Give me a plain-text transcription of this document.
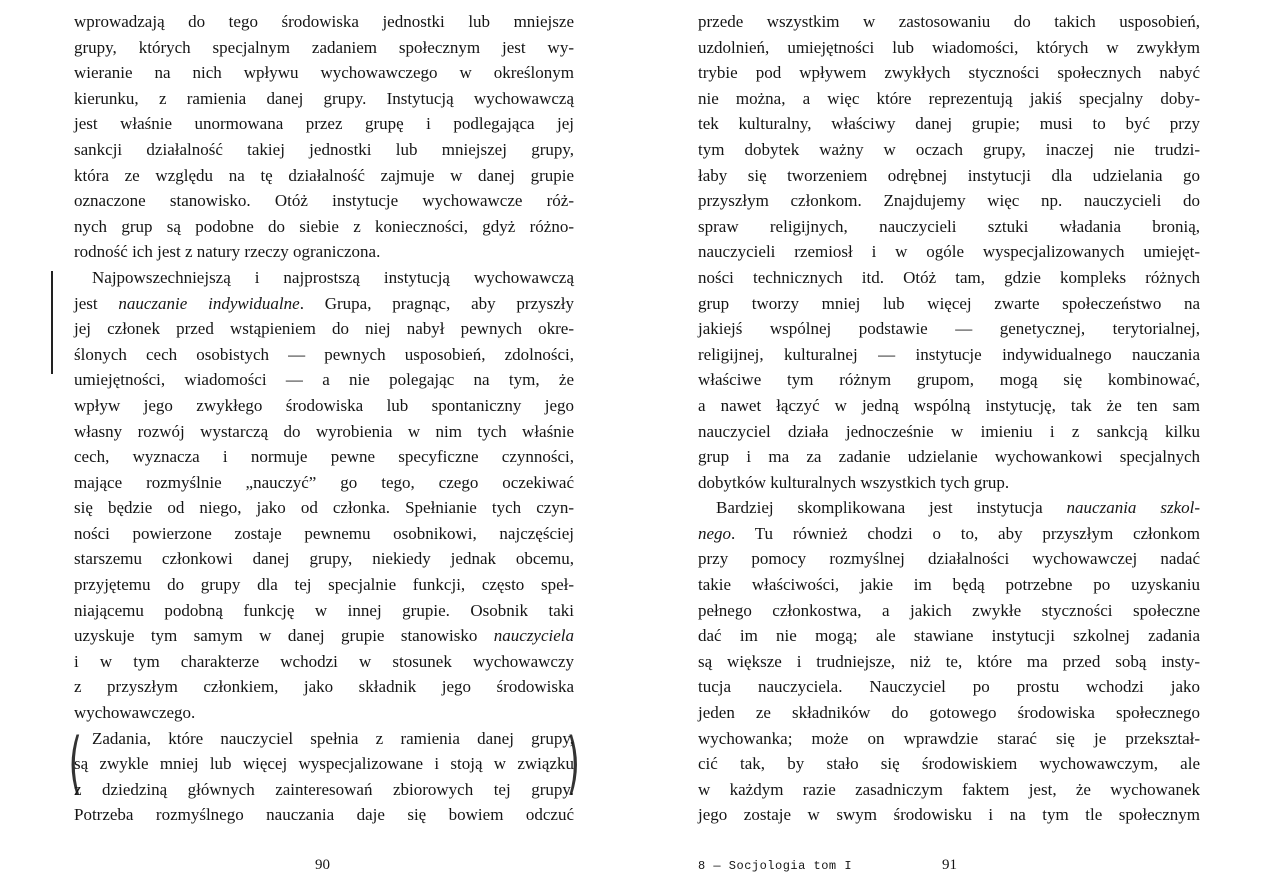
(	)
wprowadzają do tego środowiska jednostki lub mniejsze
grupy, których specjalnym zadaniem społecznym jest wy-
wieranie na nich wpływu wychowawczego w określonym
kierunku, z ramienia danej grupy. Instytucją wychowawczą
jest właśnie unormowana przez grupę i podlegająca jej
sankcji działalność takiej jednostki lub mniejszej grupy,
która ze względu na tę działalność zajmuje w danej grupie
oznaczone stanowisko. Otóż instytucje wychowawcze róż-
nych grup są podobne do siebie z konieczności, gdyż różno-
rodność ich jest z natury rzeczy ograniczona.
Najpowszechniejszą i najprostszą instytucją wychowawczą
jest nauczanie indywidualne. Grupa, pragnąc, aby przyszły
jej członek przed wstąpieniem do niej nabył pewnych okre-
ślonych cech osobistych — pewnych usposobień, zdolności,
umiejętności, wiadomości — a nie polegając na tym, że
wpływ jego zwykłego środowiska lub spontaniczny jego
własny rozwój wystarczą do wyrobienia w nim tych właśnie
cech, wyznacza i normuje pewne specyficzne czynności,
mające rozmyślnie „nauczyć” go tego, czego oczekiwać
się będzie od niego, jako od członka. Spełnianie tych czyn-
ności powierzone zostaje pewnemu osobnikowi, najczęściej
starszemu członkowi danej grupy, niekiedy jednak obcemu,
przyjętemu do grupy dla tej specjalnie funkcji, często speł-
niającemu podobną funkcję w innej grupie. Osobnik taki
uzyskuje tym samym w danej grupie stanowisko nauczyciela
i w tym charakterze wchodzi w stosunek wychowawczy
z przyszłym członkiem, jako składnik jego środowiska
wychowawczego.
Zadania, które nauczyciel spełnia z ramienia danej grupy,
są zwykle mniej lub więcej wyspecjalizowane i stoją w związku
z dziedziną głównych zainteresowań zbiorowych tej grupy.
Potrzeba rozmyślnego nauczania daje się bowiem odczuć
90
przede wszystkim w zastosowaniu do takich usposobień,
uzdolnień, umiejętności lub wiadomości, których w zwykłym
trybie pod wpływem zwykłych styczności społecznych nabyć
nie można, a więc które reprezentują jakiś specjalny doby-
tek kulturalny, właściwy danej grupie; musi to być przy
tym dobytek ważny w oczach grupy, inaczej nie trudzi-
łaby się tworzeniem odrębnej instytucji dla udzielania go
przyszłym członkom. Znajdujemy więc np. nauczycieli do
spraw religijnych, nauczycieli sztuki władania bronią,
nauczycieli rzemiosł i w ogóle wyspecjalizowanych umiejęt-
ności technicznych itd. Otóż tam, gdzie kompleks różnych
grup tworzy mniej lub więcej zwarte społeczeństwo na
jakiejś wspólnej podstawie — genetycznej, terytorialnej,
religijnej, kulturalnej — instytucje indywidualnego nauczania
właściwe tym różnym grupom, mogą się kombinować,
a nawet łączyć w jedną wspólną instytucję, tak że ten sam
nauczyciel działa jednocześnie w imieniu i z sankcją kilku
grup i ma za zadanie udzielanie wychowankowi specjalnych
dobytków kulturalnych wszystkich tych grup.
Bardziej skomplikowana jest instytucja nauczania szkol-
nego. Tu również chodzi o to, aby przyszłym członkom
przy pomocy rozmyślnej działalności wychowawczej nadać
takie właściwości, jakie im będą potrzebne po uzyskaniu
pełnego członkostwa, a jakich zwykłe styczności społeczne
dać im nie mogą; ale stawiane instytucji szkolnej zadania
są większe i trudniejsze, niż te, które ma przed sobą insty-
tucja nauczyciela. Nauczyciel po prostu wchodzi jako
jeden ze składników do gotowego środowiska społecznego
wychowanka; może on wprawdzie starać się je przekształ-
cić tak, by stało się środowiskiem wychowawczym, ale
w każdym razie zasadniczym faktem jest, że wychowanek
jego zostaje w swym środowisku i na tym tle społecznym
8 — Socjologia tom I	91
